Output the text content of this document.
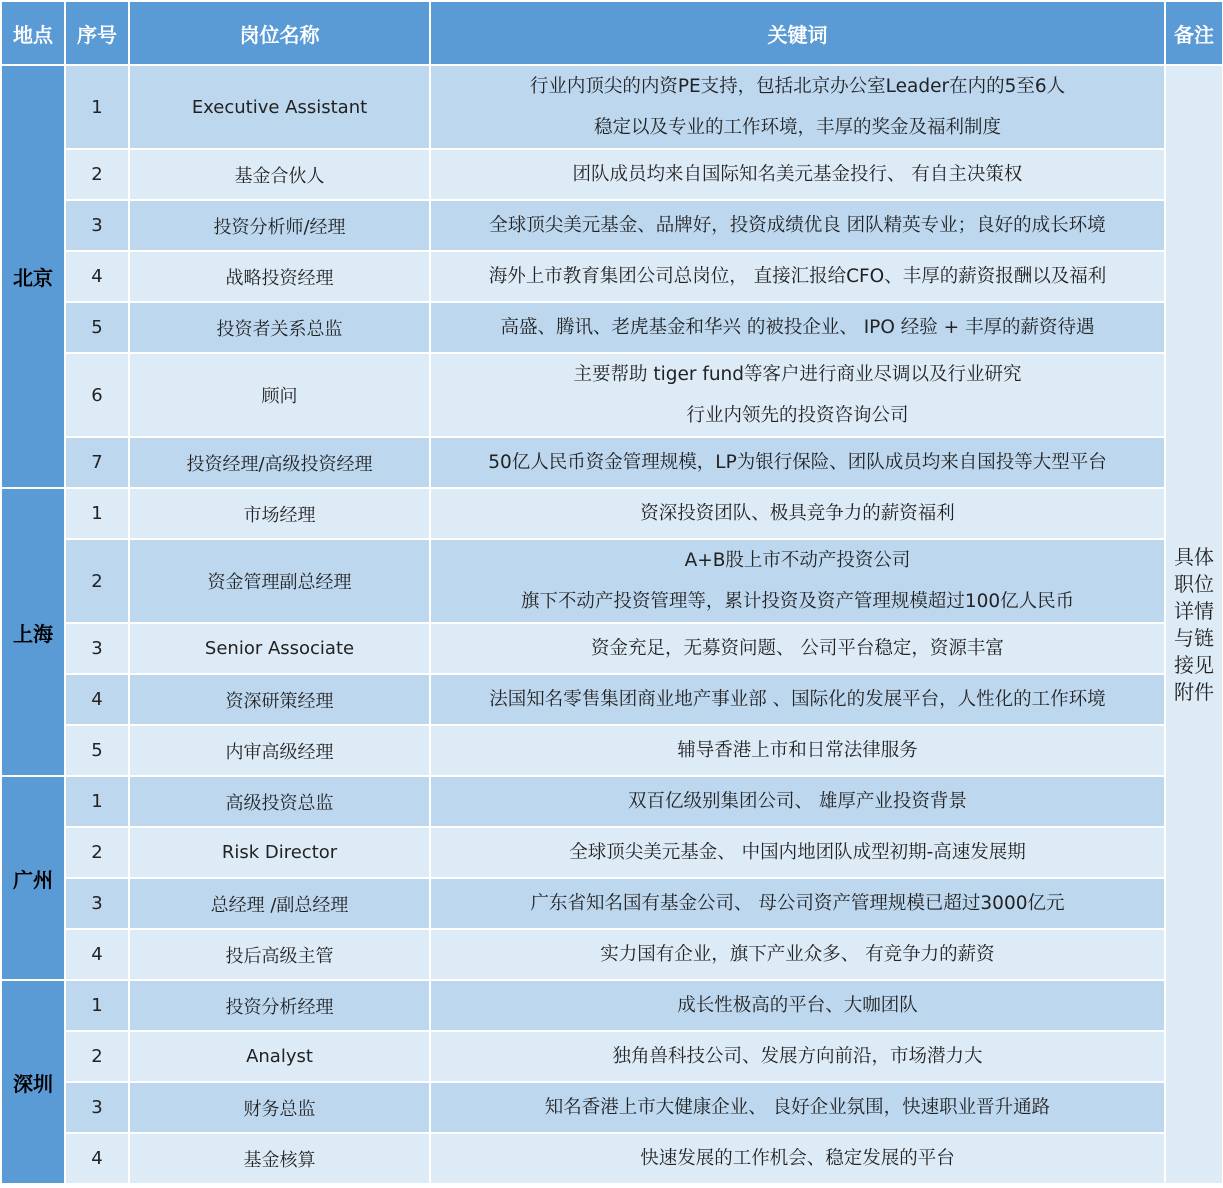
地点	序号	岗位名称	关键词	备注
北京	1	Executive Assistant	行业内顶尖的内资PE支持，包括北京办公室Leader在内的5至6人
稳定以及专业的工作环境，丰厚的奖金及福利制度	具体职位详情与链接见附件
	2	基金合伙人	团队成员均来自国际知名美元基金投行、 有自主决策权	

	3	投资分析师/经理	全球顶尖美元基金、品牌好，投资成绩优良 团队精英专业；良好的成长环境	

	4	战略投资经理	海外上市教育集团公司总岗位， 直接汇报给CFO、丰厚的薪资报酬以及福利	

	5	投资者关系总监	高盛、腾讯、老虎基金和华兴 的被投企业、 IPO 经验 + 丰厚的薪资待遇	

	6	顾问	主要帮助 tiger fund等客户进行商业尽调以及行业研究
行业内领先的投资咨询公司	

	7	投资经理/高级投资经理	50亿人民币资金管理规模，LP为银行保险、团队成员均来自国投等大型平台	

上海	1	市场经理	资深投资团队、极具竞争力的薪资福利	

	2	资金管理副总经理	A+B股上市不动产投资公司
旗下不动产投资管理等，累计投资及资产管理规模超过100亿人民币	

	3	Senior Associate	资金充足，无募资问题、 公司平台稳定，资源丰富	

	4	资深研策经理	法国知名零售集团商业地产事业部 、国际化的发展平台，人性化的工作环境	

	5	内审高级经理	辅导香港上市和日常法律服务	

广州	1	高级投资总监	双百亿级别集团公司、 雄厚产业投资背景	

	2	Risk Director	全球顶尖美元基金、 中国内地团队成型初期-高速发展期	

	3	总经理 /副总经理	广东省知名国有基金公司、 母公司资产管理规模已超过3000亿元	

	4	投后高级主管	实力国有企业，旗下产业众多、 有竞争力的薪资	

深圳	1	投资分析经理	成长性极高的平台、大咖团队	

	2	Analyst	独角兽科技公司、发展方向前沿，市场潜力大	

	3	财务总监	知名香港上市大健康企业、 良好企业氛围，快速职业晋升通路	

	4	基金核算	快速发展的工作机会、稳定发展的平台	
